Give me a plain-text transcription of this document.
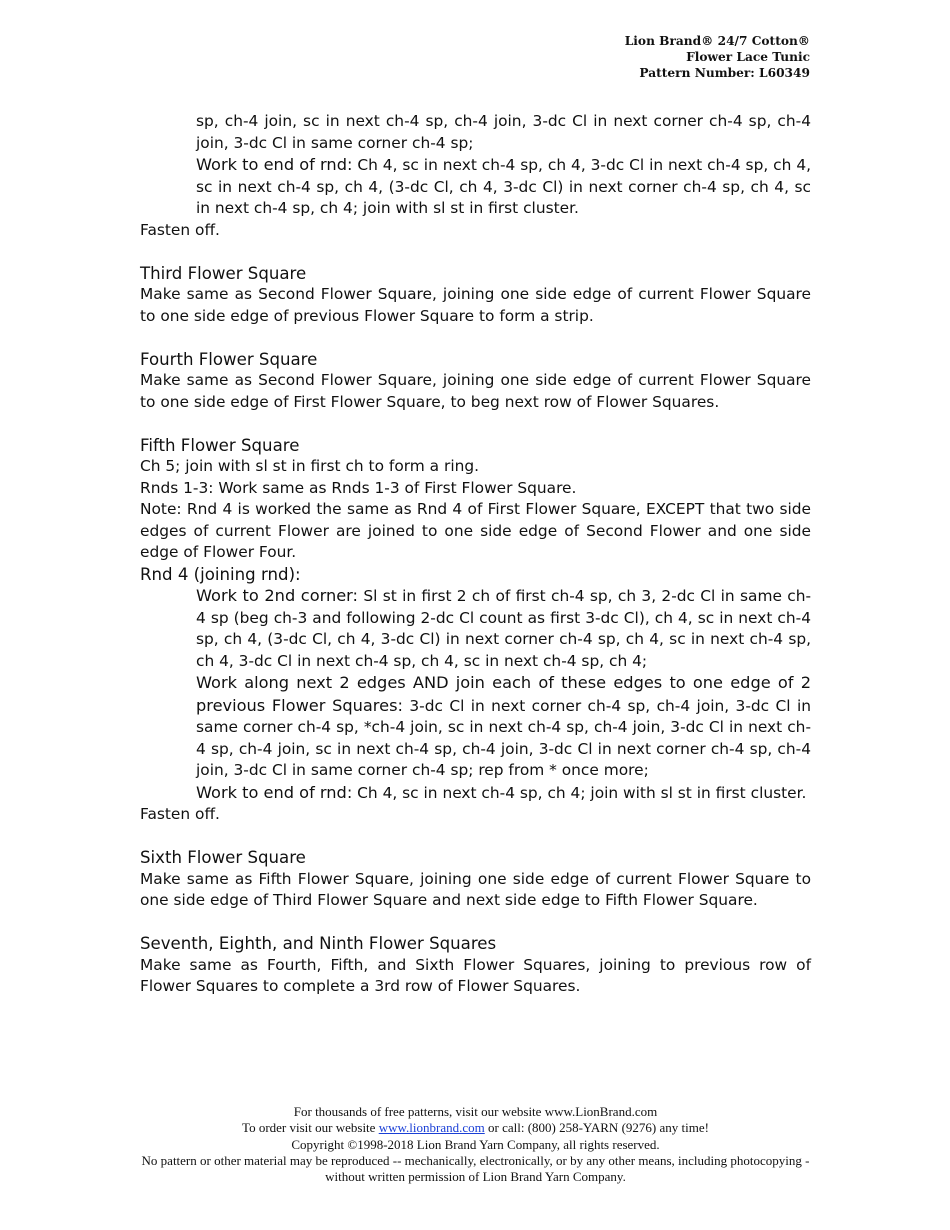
Lion Brand® 24/7 Cotton®
Flower Lace Tunic
Pattern Number: L60349

sp, ch-4 join, sc in next ch-4 sp, ch-4 join, 3-dc Cl in next corner ch-4 sp, ch-4 join, 3-dc Cl in same corner ch-4 sp;

Work to end of rnd: Ch 4, sc in next ch-4 sp, ch 4, 3-dc Cl in next ch-4 sp, ch 4, sc in next ch-4 sp, ch 4, (3-dc Cl, ch 4, 3-dc Cl) in next corner ch-4 sp, ch 4, sc in next ch-4 sp, ch 4; join with sl st in first cluster.

Fasten off.

Third Flower Square

Make same as Second Flower Square, joining one side edge of current Flower Square to one side edge of previous Flower Square to form a strip.

Fourth Flower Square

Make same as Second Flower Square, joining one side edge of current Flower Square to one side edge of First Flower Square, to beg next row of Flower Squares.

Fifth Flower Square

Ch 5; join with sl st in first ch to form a ring.

Rnds 1-3: Work same as Rnds 1-3 of First Flower Square.

Note: Rnd 4 is worked the same as Rnd 4 of First Flower Square, EXCEPT that two side edges of current Flower are joined to one side edge of Second Flower and one side edge of Flower Four.

Rnd 4 (joining rnd):

Work to 2nd corner: Sl st in first 2 ch of first ch-4 sp, ch 3, 2-dc Cl in same ch-4 sp (beg ch-3 and following 2-dc Cl count as first 3-dc Cl), ch 4, sc in next ch-4 sp, ch 4, (3-dc Cl, ch 4, 3-dc Cl) in next corner ch-4 sp, ch 4, sc in next ch-4 sp, ch 4, 3-dc Cl in next ch-4 sp, ch 4, sc in next ch-4 sp, ch 4;

Work along next 2 edges AND join each of these edges to one edge of 2 previous Flower Squares: 3-dc Cl in next corner ch-4 sp, ch-4 join, 3-dc Cl in same corner ch-4 sp, *ch-4 join, sc in next ch-4 sp, ch-4 join, 3-dc Cl in next ch-4 sp, ch-4 join, sc in next ch-4 sp, ch-4 join, 3-dc Cl in next corner ch-4 sp, ch-4 join, 3-dc Cl in same corner ch-4 sp; rep from * once more;

Work to end of rnd: Ch 4, sc in next ch-4 sp, ch 4; join with sl st in first cluster.

Fasten off.

Sixth Flower Square

Make same as Fifth Flower Square, joining one side edge of current Flower Square to one side edge of Third Flower Square and next side edge to Fifth Flower Square.

Seventh, Eighth, and Ninth Flower Squares

Make same as Fourth, Fifth, and Sixth Flower Squares, joining to previous row of Flower Squares to complete a 3rd row of Flower Squares.

For thousands of free patterns, visit our website www.LionBrand.com
To order visit our website www.lionbrand.com or call: (800) 258-YARN (9276) any time!
Copyright ©1998-2018 Lion Brand Yarn Company, all rights reserved.
No pattern or other material may be reproduced -- mechanically, electronically, or by any other means, including photocopying - without written permission of Lion Brand Yarn Company.
